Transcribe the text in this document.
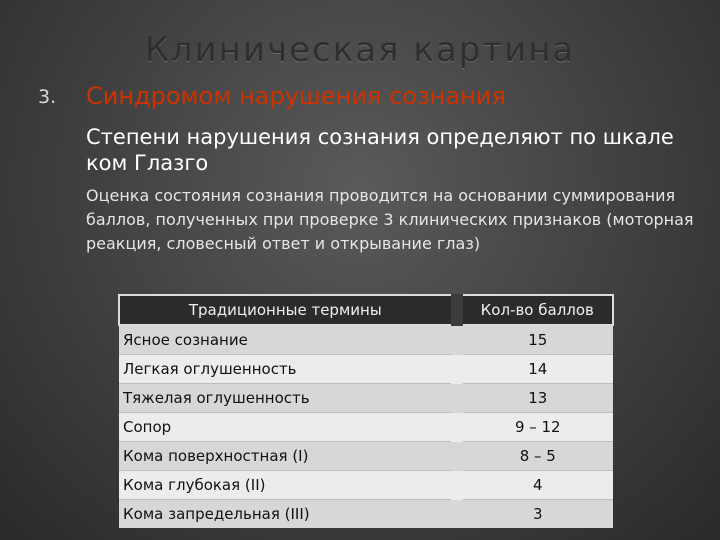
Клиническая картина
3. Синдромом нарушения сознания
Степени нарушения сознания определяют по шкале ком Глазго
Оценка состояния сознания проводится на основании суммирования баллов, полученных при проверке 3 клинических признаков (моторная реакция, словесный ответ и открывание глаз)
Традиционные термины	Кол-во баллов
Ясное сознание	15
Легкая оглушенность	14
Тяжелая оглушенность	13
Сопор	9 – 12
Кома поверхностная (I)	8 – 5
Кома глубокая (II)	4
Кома запредельная (III)	3
